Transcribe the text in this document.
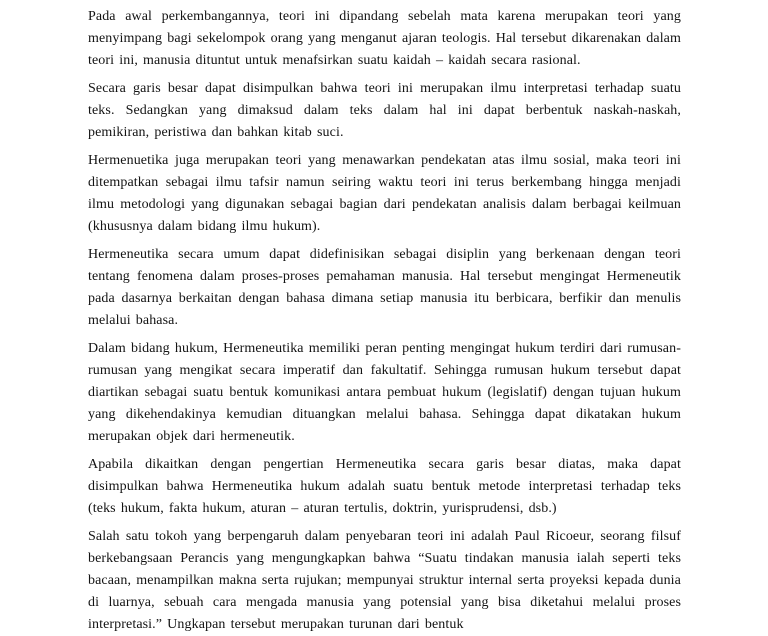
Pada awal perkembangannya, teori ini dipandang sebelah mata karena merupakan teori yang menyimpang bagi sekelompok orang yang menganut ajaran teologis. Hal tersebut dikarenakan dalam teori ini, manusia dituntut untuk menafsirkan suatu kaidah – kaidah secara rasional.

Secara garis besar dapat disimpulkan bahwa teori ini merupakan ilmu interpretasi terhadap suatu teks. Sedangkan yang dimaksud dalam teks dalam hal ini dapat berbentuk naskah-naskah, pemikiran, peristiwa dan bahkan kitab suci.

Hermenuetika juga merupakan teori yang menawarkan pendekatan atas ilmu sosial, maka teori ini ditempatkan sebagai ilmu tafsir namun seiring waktu teori ini terus berkembang hingga menjadi ilmu metodologi yang digunakan sebagai bagian dari pendekatan analisis dalam berbagai keilmuan (khususnya dalam bidang ilmu hukum).

Hermeneutika secara umum dapat didefinisikan sebagai disiplin yang berkenaan dengan teori tentang fenomena dalam proses-proses pemahaman manusia. Hal tersebut mengingat Hermeneutik pada dasarnya berkaitan dengan bahasa dimana setiap manusia itu berbicara, berfikir dan menulis melalui bahasa.

Dalam bidang hukum, Hermeneutika memiliki peran penting mengingat hukum terdiri dari rumusan- rumusan yang mengikat secara imperatif dan fakultatif. Sehingga rumusan hukum tersebut dapat diartikan sebagai suatu bentuk komunikasi antara pembuat hukum (legislatif) dengan tujuan hukum yang dikehendakinya kemudian dituangkan melalui bahasa. Sehingga dapat dikatakan hukum merupakan objek dari hermeneutik.

Apabila dikaitkan dengan pengertian Hermeneutika secara garis besar diatas, maka dapat disimpulkan bahwa Hermeneutika hukum adalah suatu bentuk metode interpretasi terhadap teks (teks hukum, fakta hukum, aturan – aturan tertulis, doktrin, yurisprudensi, dsb.)

Salah satu tokoh yang berpengaruh dalam penyebaran teori ini adalah Paul Ricoeur, seorang filsuf berkebangsaan Perancis yang mengungkapkan bahwa “Suatu tindakan manusia ialah seperti teks bacaan, menampilkan makna serta rujukan; mempunyai struktur internal serta proyeksi kepada dunia di luarnya, sebuah cara mengada manusia yang potensial yang bisa diketahui melalui proses interpretasi.” Ungkapan tersebut merupakan turunan dari bentuk
